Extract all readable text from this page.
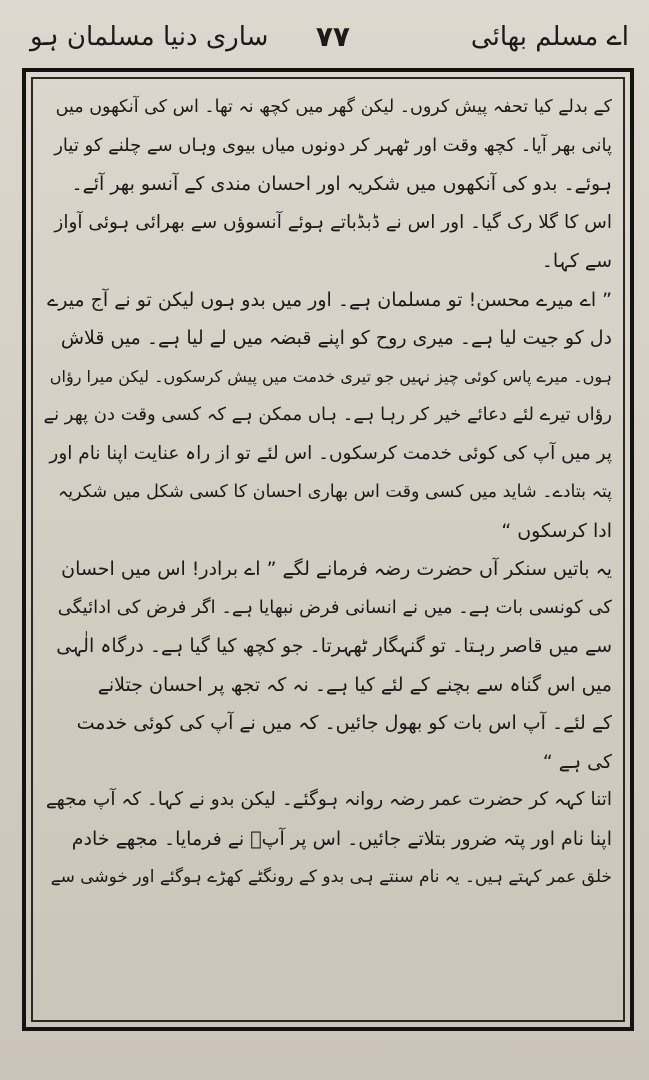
اے مسلم بھائی
۷۷
ساری دنیا مسلمان ہو
کے بدلے کیا تحفہ پیش کروں۔ لیکن گھر میں کچھ نہ تھا۔ اس کی آنکھوں میں
پانی بھر آیا۔ کچھ وقت اور ٹھہر کر دونوں میاں بیوی وہاں سے چلنے کو تیار
ہوئے۔ بدو کی آنکھوں میں شکریہ اور احسان مندی کے آنسو بھر آئے۔
اس کا گلا رک گیا۔ اور اس نے ڈبڈباتے ہوئے آنسوؤں سے بھرائی ہوئی آواز
سے کہا۔
” اے میرے محسن! تو مسلمان ہے۔ اور میں بدو ہوں لیکن تو نے آج میرے
دل کو جیت لیا ہے۔ میری روح کو اپنے قبضہ میں لے لیا ہے۔ میں قلاش
ہوں۔ میرے پاس کوئی چیز نہیں جو تیری خدمت میں پیش کرسکوں۔ لیکن میرا رؤاں
رؤاں تیرے لئے دعائے خیر کر رہا ہے۔ ہاں ممکن ہے کہ کسی وقت دن پھر نے
پر میں آپ کی کوئی خدمت کرسکوں۔ اس لئے تو از راہ عنایت اپنا نام اور
پتہ بتادے۔ شاید میں کسی وقت اس بھاری احسان کا کسی شکل میں شکریہ
ادا کرسکوں “
یہ باتیں سنکر آں حضرت رضہ فرمانے لگے ” اے برادر! اس میں احسان
کی کونسی بات ہے۔ میں نے انسانی فرض نبھایا ہے۔ اگر فرض کی ادائیگی
سے میں قاصر رہتا۔ تو گنہگار ٹھہرتا۔ جو کچھ کیا گیا ہے۔ درگاہ الٰہی
میں اس گناہ سے بچنے کے لئے کیا ہے۔ نہ کہ تجھ پر احسان جتلانے
کے لئے۔ آپ اس بات کو بھول جائیں۔ کہ میں نے آپ کی کوئی خدمت
کی ہے “
اتنا کہہ کر حضرت عمر رضہ روانہ ہوگئے۔ لیکن بدو نے کہا۔ کہ آپ مجھے
اپنا نام اور پتہ ضرور بتلاتے جائیں۔ اس پر آپؓ نے فرمایا۔ مجھے خادم
خلق عمر کہتے ہیں۔ یہ نام سنتے ہی بدو کے رونگٹے کھڑے ہوگئے اور خوشی سے
